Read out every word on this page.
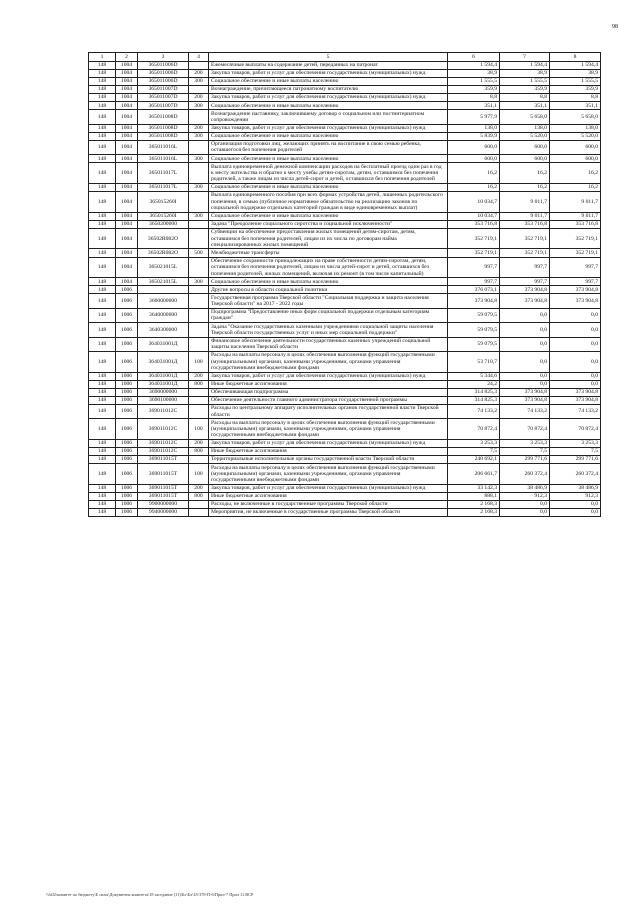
98
1	2	3	4	5	6	7	8
148	1004	365011006D		Ежемесячные выплаты на содержание детей, переданных на патронат	1 594,4	1 594,4	1 594,4
148	1004	365011006D	200	Закупка товаров, работ и услуг для обеспечения государственных (муниципальных) нужд	38,9	38,9	38,9
148	1004	365011006D	300	Социальное обеспечение и иные выплаты населению	1 555,5	1 555,5	1 555,5
148	1004	365011007D		Вознаграждение, причитающееся патронатному воспитателю	359,9	359,9	359,9
148	1004	365011007D	200	Закупка товаров, работ и услуг для обеспечения государственных (муниципальных) нужд	8,8	8,8	8,8
148	1004	365011007D	300	Социальное обеспечение и иные выплаты населению	351,1	351,1	351,1
148	1004	365011008D		Вознаграждение наставнику, заключившему договор о социальном или постинтернатном сопровождении	5 977,9	5 658,0	5 658,0
148	1004	365011008D	200	Закупка товаров, работ и услуг для обеспечения государственных (муниципальных) нужд	138,0	138,0	138,0
148	1004	365011008D	300	Социальное обеспечение и иные выплаты населению	5 839,9	5 520,0	5 520,0
148	1004	365011016L		Организация подготовки лиц, желающих принять на воспитание в свою семью ребенка, оставшегося без попечения родителей	600,0	600,0	600,0
148	1004	365011016L	300	Социальное обеспечение и иные выплаты населению	600,0	600,0	600,0
148	1004	365011017L		Выплата единовременной денежной компенсации расходов на бесплатный проезд один раз в год к месту жительства и обратно к месту учебы детям-сиротам, детям, оставшимся без попечения родителей, а также лицам из числа детей-сирот и детей, оставшихся без попечения родителей	16,2	16,2	16,2
148	1004	365011017L	300	Социальное обеспечение и иные выплаты населению	16,2	16,2	16,2
148	1004	365015260I		Выплата единовременного пособия при всех формах устройства детей, лишенных родительского попечения, в семью (публичное нормативное обязательство на реализацию законов по социальной поддержке отдельных категорий граждан в виде единовременных выплат)	10 034,7	9 011,7	9 011,7
148	1004	365015260I	300	Социальное обеспечение и иные выплаты населению	10 034,7	9 011,7	9 011,7
148	1004	3650200000		Задача "Преодоление социального сиротства и социальной исключенности"	353 716,8	353 716,8	353 716,8
148	1004	36502R082O		Субвенции на обеспечение предоставления жилых помещений детям-сиротам, детям, оставшимся без попечения родителей, лицам из их числа по договорам найма специализированных жилых помещений	352 719,1	352 719,1	352 719,1
148	1004	36502R082O	500	Межбюджетные трансферты	352 719,1	352 719,1	352 719,1
148	1004	365021015L		Обеспечение сохранности принадлежащих на праве собственности детям-сиротам, детям, оставшимся без попечения родителей, лицам из числа детей-сирот и детей, оставшихся без попечения родителей, жилых помещений, включая их ремонт (в том числе капитальный)	997,7	997,7	997,7
148	1004	365021015L	300	Социальное обеспечение и иные выплаты населению	997,7	997,7	997,7
148	1006			Другие вопросы в области социальной политики	376 073,1	373 904,8	373 904,8
148	1006	3600000000		Государственная программа Тверской области "Социальная поддержка и защита населения Тверской области" на 2017 - 2022 годы	373 904,8	373 904,8	373 904,8
148	1006	3640000000		Подпрограмма "Предоставление иных форм социальной поддержки отдельным категориям граждан"	59 079,5	0,0	0,0
148	1006	3640300000		Задача "Оказание государственных казенными учреждениями социальной защиты населения Тверской области государственных услуг и иных мер социальной поддержки"	59 079,5	0,0	0,0
148	1006	364031001Д		Финансовое обеспечение деятельности государственных казенных учреждений социальной защиты населения Тверской области	59 079,5	0,0	0,0
148	1006	364031001Д	100	Расходы на выплаты персоналу в целях обеспечения выполнения функций государственными (муниципальными) органами, казенными учреждениями, органами управления государственными внебюджетными фондами	53 710,7	0,0	0,0
148	1006	364031001Д	200	Закупка товаров, работ и услуг для обеспечения государственных (муниципальных) нужд	5 344,6	0,0	0,0
148	1006	364031001Д	800	Иные бюджетные ассигнования	24,2	0,0	0,0
148	1006	3690000000		Обеспечивающая подпрограмма	314 825,3	373 904,8	373 904,8
148	1006	3690100000		Обеспечение деятельности главного администратора государственной программы	314 825,3	373 904,8	373 904,8
148	1006	369011012C		Расходы по центральному аппарату исполнительных органов государственной власти Тверской области	74 133,2	74 133,2	74 133,2
148	1006	369011012C	100	Расходы на выплаты персоналу в целях обеспечения выполнения функций государственными (муниципальными) органами, казенными учреждениями, органами управления государственными внебюджетными фондами	70 872,4	70 872,4	70 872,4
148	1006	369011012C	200	Закупка товаров, работ и услуг для обеспечения государственных (муниципальных) нужд	3 253,3	3 253,3	3 253,3
148	1006	369011012C	800	Иные бюджетные ассигнования	7,5	7,5	7,5
148	1006	369011015T		Территориальные исполнительные органы государственной власти Тверской области	240 692,1	299 771,6	299 771,6
148	1006	369011015T	100	Расходы на выплаты персоналу в целях обеспечения выполнения функций государственными (муниципальными) органами, казенными учреждениями, органами управления государственными внебюджетными фондами	206 661,7	260 372,4	260 372,4
148	1006	369011015T	200	Закупка товаров, работ и услуг для обеспечения государственных (муниципальных) нужд	33 142,3	38 486,9	38 486,9
148	1006	369011015T	800	Иные бюджетные ассигнования	888,1	912,3	912,3
148	1006	9900000000		Расходы, не включенные в государственные программы Тверской области	2 168,3	0,0	0,0
148	1006	9940000000		Мероприятия, не включенные в государственные программы Тверской области	2 168,3	0,0	0,0
\\fs02\комитет по бюджету\Б силы\Документы комитета\18 заседание (11)\Бл\Бл\18-378-П-6\Прил-7 Прил 11.ВСР
